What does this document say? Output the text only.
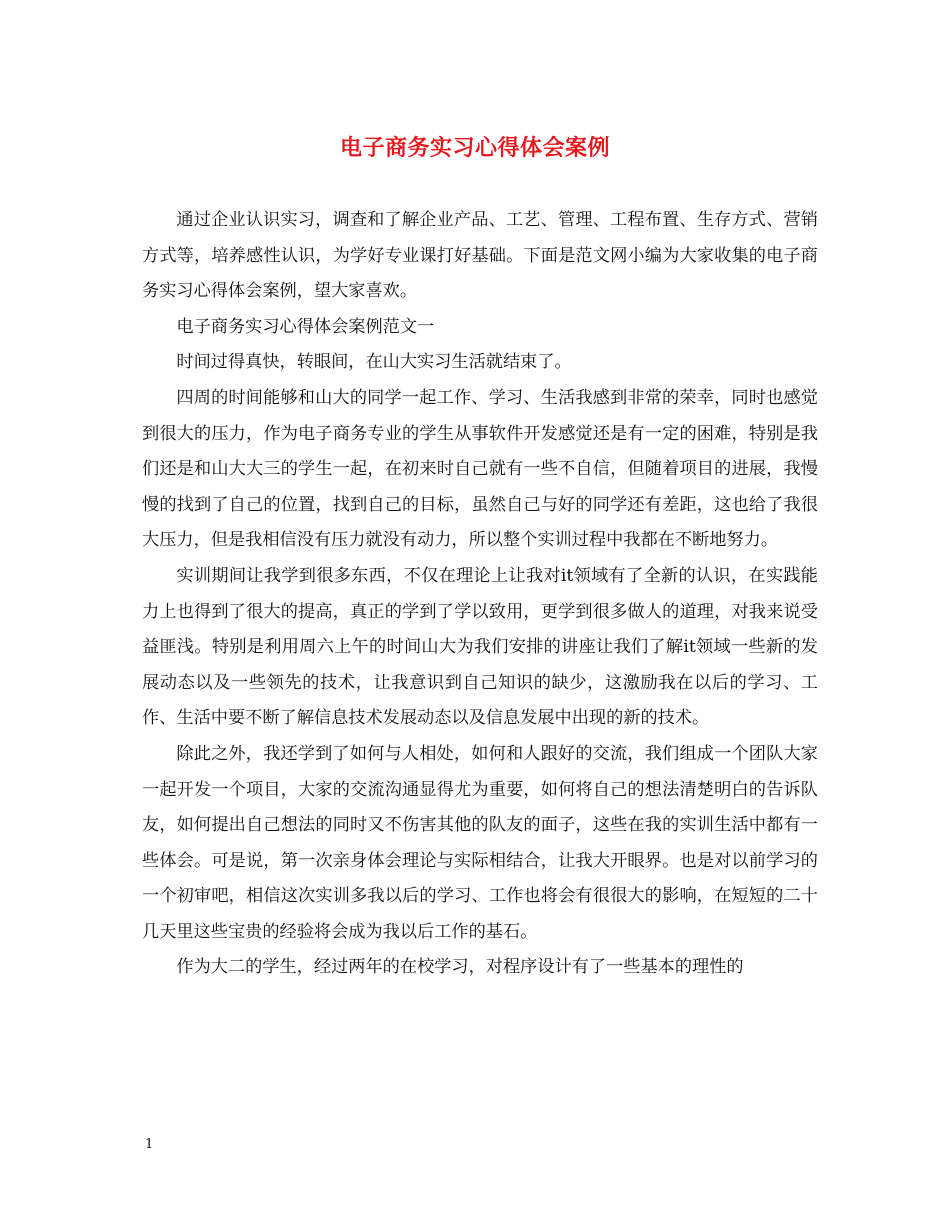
电子商务实习心得体会案例

通过企业认识实习，调查和了解企业产品、工艺、管理、工程布置、生存方式、营销方式等，培养感性认识，为学好专业课打好基础。下面是范文网小编为大家收集的电子商务实习心得体会案例，望大家喜欢。

电子商务实习心得体会案例范文一

时间过得真快，转眼间，在山大实习生活就结束了。

四周的时间能够和山大的同学一起工作、学习、生活我感到非常的荣幸，同时也感觉到很大的压力，作为电子商务专业的学生从事软件开发感觉还是有一定的困难，特别是我们还是和山大大三的学生一起，在初来时自己就有一些不自信，但随着项目的进展，我慢慢的找到了自己的位置，找到自己的目标，虽然自己与好的同学还有差距，这也给了我很大压力，但是我相信没有压力就没有动力，所以整个实训过程中我都在不断地努力。

实训期间让我学到很多东西，不仅在理论上让我对it领域有了全新的认识，在实践能力上也得到了很大的提高，真正的学到了学以致用，更学到很多做人的道理，对我来说受益匪浅。特别是利用周六上午的时间山大为我们安排的讲座让我们了解it领域一些新的发展动态以及一些领先的技术，让我意识到自己知识的缺少，这激励我在以后的学习、工作、生活中要不断了解信息技术发展动态以及信息发展中出现的新的技术。

除此之外，我还学到了如何与人相处，如何和人跟好的交流，我们组成一个团队大家一起开发一个项目，大家的交流沟通显得尤为重要，如何将自己的想法清楚明白的告诉队友，如何提出自己想法的同时又不伤害其他的队友的面子，这些在我的实训生活中都有一些体会。可是说，第一次亲身体会理论与实际相结合，让我大开眼界。也是对以前学习的一个初审吧，相信这次实训多我以后的学习、工作也将会有很很大的影响，在短短的二十几天里这些宝贵的经验将会成为我以后工作的基石。

作为大二的学生，经过两年的在校学习，对程序设计有了一些基本的理性的

1
